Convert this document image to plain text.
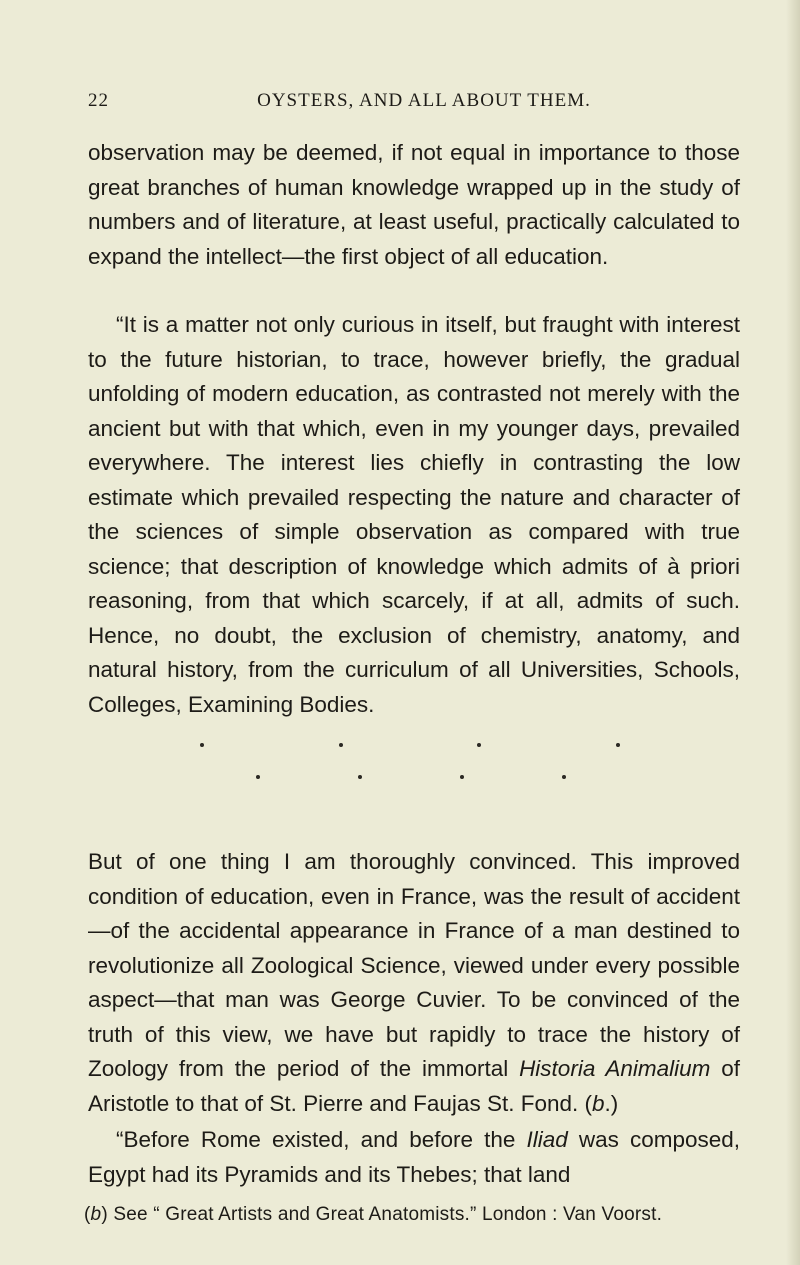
22	OYSTERS, AND ALL ABOUT THEM.

observation may be deemed, if not equal in importance to those great branches of human knowledge wrapped up in the study of numbers and of literature, at least useful, practically calculated to expand the intellect—the first object of all education.

“It is a matter not only curious in itself, but fraught with interest to the future historian, to trace, however briefly, the gradual unfolding of modern education, as contrasted not merely with the ancient but with that which, even in my younger days, prevailed everywhere. The interest lies chiefly in contrasting the low estimate which prevailed respecting the nature and character of the sciences of simple observation as compared with true science; that description of knowledge which admits of à priori reasoning, from that which scarcely, if at all, admits of such. Hence, no doubt, the exclusion of chemistry, anatomy, and natural history, from the curriculum of all Universities, Schools, Colleges, Examining Bodies.

But of one thing I am thoroughly convinced. This improved condition of education, even in France, was the result of accident—of the accidental appearance in France of a man destined to revolutionize all Zoological Science, viewed under every possible aspect—that man was George Cuvier. To be convinced of the truth of this view, we have but rapidly to trace the history of Zoology from the period of the immortal Historia Animalium of Aristotle to that of St. Pierre and Faujas St. Fond. (b.)

“Before Rome existed, and before the Iliad was composed, Egypt had its Pyramids and its Thebes; that land

(b) See “ Great Artists and Great Anatomists.” London : Van Voorst.
